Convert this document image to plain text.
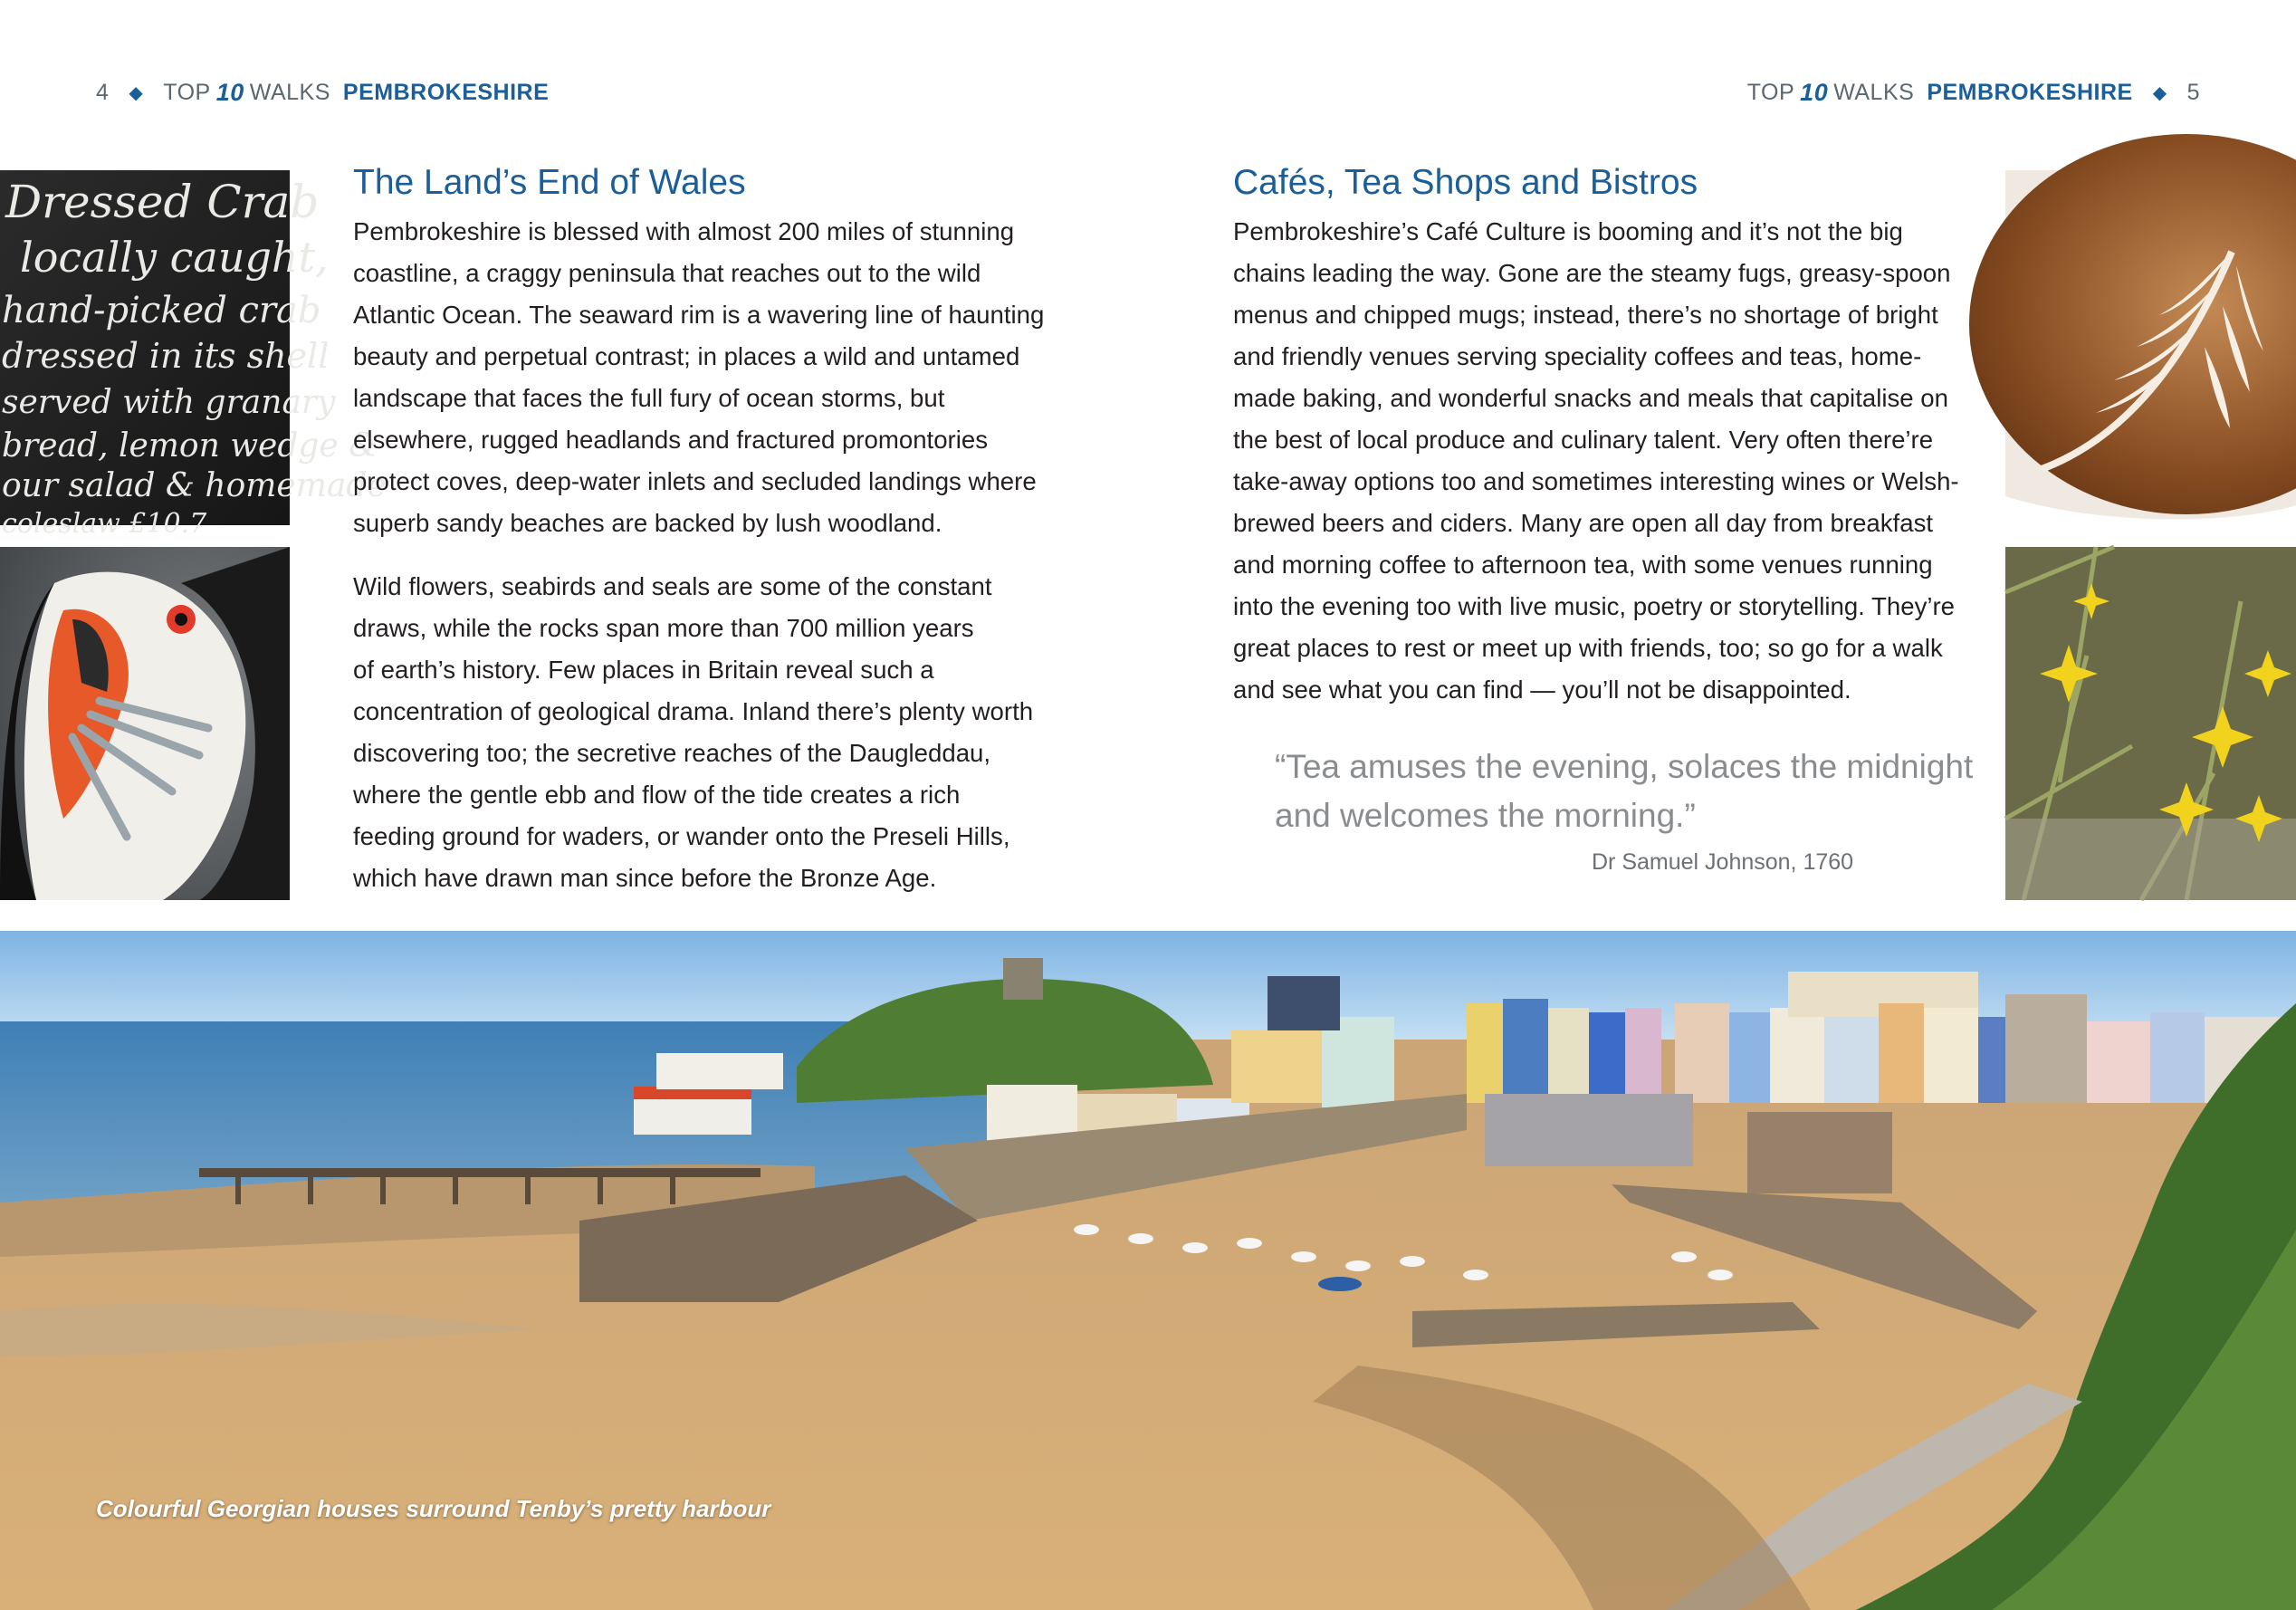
4 ◆ TOP 10 WALKS PEMBROKESHIRE	TOP 10 WALKS PEMBROKESHIRE ◆ 5
Dressed Crab
locally caught,
hand-picked crab
dressed in its shell
served with granary
bread, lemon wedge &
our salad & homemade
coleslaw £10.7
The Land’s End of Wales
Pembrokeshire is blessed with almost 200 miles of stunning
coastline, a craggy peninsula that reaches out to the wild
Atlantic Ocean. The seaward rim is a wavering line of haunting
beauty and perpetual contrast; in places a wild and untamed
landscape that faces the full fury of ocean storms, but
elsewhere, rugged headlands and fractured promontories
protect coves, deep-water inlets and secluded landings where
superb sandy beaches are backed by lush woodland.
Wild flowers, seabirds and seals are some of the constant
draws, while the rocks span more than 700 million years
of earth’s history. Few places in Britain reveal such a
concentration of geological drama. Inland there’s plenty worth
discovering too; the secretive reaches of the Daugleddau,
where the gentle ebb and flow of the tide creates a rich
feeding ground for waders, or wander onto the Preseli Hills,
which have drawn man since before the Bronze Age.
Cafés, Tea Shops and Bistros
Pembrokeshire’s Café Culture is booming and it’s not the big
chains leading the way. Gone are the steamy fugs, greasy-spoon
menus and chipped mugs; instead, there’s no shortage of bright
and friendly venues serving speciality coffees and teas, home-
made baking, and wonderful snacks and meals that capitalise on
the best of local produce and culinary talent. Very often there’re
take-away options too and sometimes interesting wines or Welsh-
brewed beers and ciders. Many are open all day from breakfast
and morning coffee to afternoon tea, with some venues running
into the evening too with live music, poetry or storytelling. They’re
great places to rest or meet up with friends, too; so go for a walk
and see what you can find — you’ll not be disappointed.
“Tea amuses the evening, solaces the midnight
and welcomes the morning.”
Dr Samuel Johnson, 1760
Colourful Georgian houses surround Tenby’s pretty harbour
